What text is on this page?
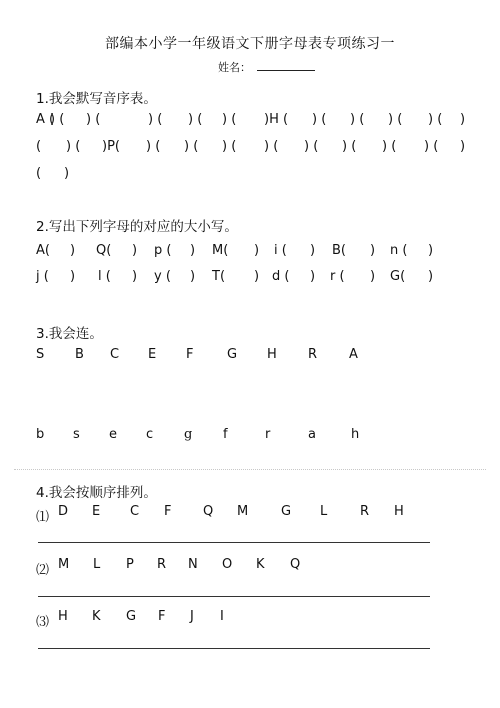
部编本小学一年级语文下册字母表专项练习一
姓名：
1.我会默写音序表。
A (
) ( ) (	) ( ) ( ) ( )H ( ) ( ) ( ) ( ) ( )
( ) ( )P( ) ( ) ( ) ( ) ( ) ( ) ( ) ( ) ( )
( )
2.写出下列字母的对应的大小写。
A( ) Q( ) p ( ) M( ) i ( ) B( ) n ( )
j ( ) l ( ) y ( ) T( ) d ( ) r ( ) G( )
3.我会连。
S B C E F	G H R A
b s e c g f	r	a	h
4.我会按顺序排列。
⑴ D E C F Q M	G L	R H
⑵ M L P R N O K Q
⑶ H K G F J I
